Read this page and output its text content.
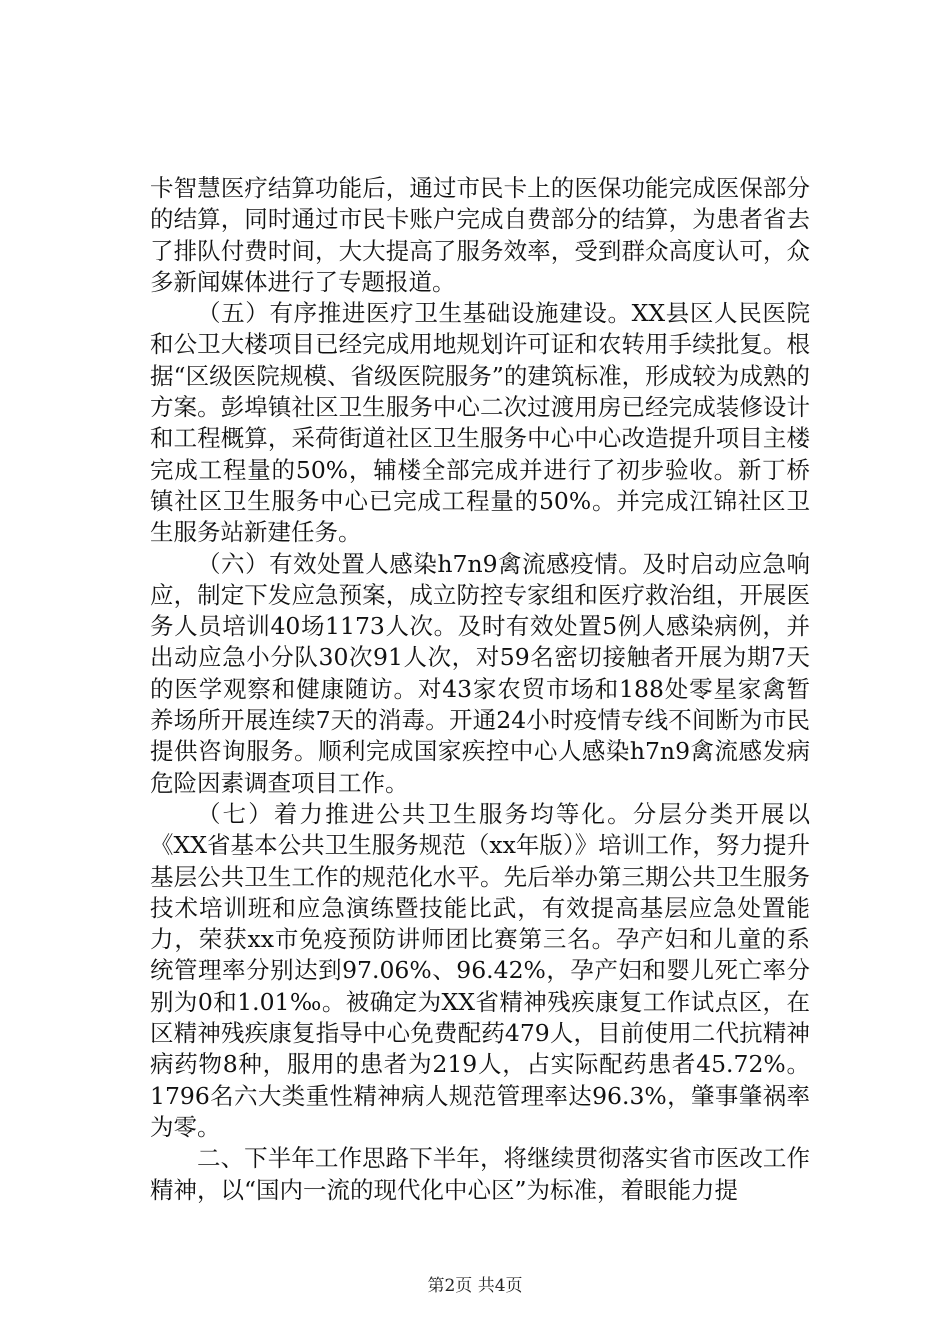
卡智慧医疗结算功能后，通过市民卡上的医保功能完成医保部分的结算，同时通过市民卡账户完成自费部分的结算，为患者省去了排队付费时间，大大提高了服务效率，受到群众高度认可，众多新闻媒体进行了专题报道。

（五）有序推进医疗卫生基础设施建设。XX县区人民医院和公卫大楼项目已经完成用地规划许可证和农转用手续批复。根据“区级医院规模、省级医院服务”的建筑标准，形成较为成熟的方案。彭埠镇社区卫生服务中心二次过渡用房已经完成装修设计和工程概算，采荷街道社区卫生服务中心中心改造提升项目主楼完成工程量的50%，辅楼全部完成并进行了初步验收。新丁桥镇社区卫生服务中心已完成工程量的50%。并完成江锦社区卫生服务站新建任务。

（六）有效处置人感染h7n9禽流感疫情。及时启动应急响应，制定下发应急预案，成立防控专家组和医疗救治组，开展医务人员培训40场1173人次。及时有效处置5例人感染病例，并出动应急小分队30次91人次，对59名密切接触者开展为期7天的医学观察和健康随访。对43家农贸市场和188处零星家禽暂养场所开展连续7天的消毒。开通24小时疫情专线不间断为市民提供咨询服务。顺利完成国家疾控中心人感染h7n9禽流感发病危险因素调查项目工作。

（七）着力推进公共卫生服务均等化。分层分类开展以《XX省基本公共卫生服务规范（xx年版）》培训工作，努力提升基层公共卫生工作的规范化水平。先后举办第三期公共卫生服务技术培训班和应急演练暨技能比武，有效提高基层应急处置能力，荣获xx市免疫预防讲师团比赛第三名。孕产妇和儿童的系统管理率分别达到97.06%、96.42%，孕产妇和婴儿死亡率分别为0和1.01‰。被确定为XX省精神残疾康复工作试点区，在区精神残疾康复指导中心免费配药479人，目前使用二代抗精神病药物8种，服用的患者为219人，占实际配药患者45.72%。1796名六大类重性精神病人规范管理率达96.3%，肇事肇祸率为零。

二、下半年工作思路下半年，将继续贯彻落实省市医改工作精神，以“国内一流的现代化中心区”为标准，着眼能力提

第2页 共4页
